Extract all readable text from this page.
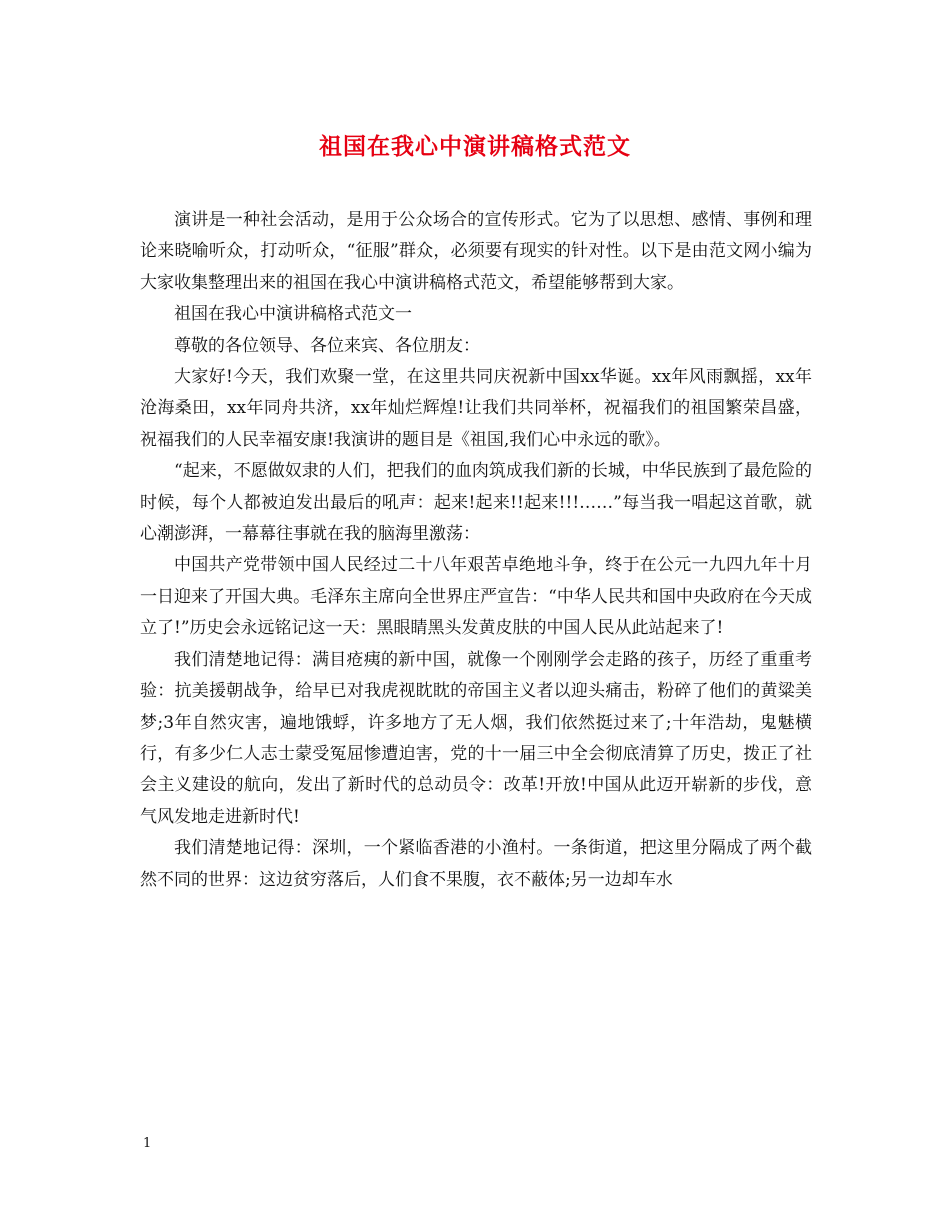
祖国在我心中演讲稿格式范文

演讲是一种社会活动，是用于公众场合的宣传形式。它为了以思想、感情、事例和理论来晓喻听众，打动听众，“征服”群众，必须要有现实的针对性。以下是由范文网小编为大家收集整理出来的祖国在我心中演讲稿格式范文，希望能够帮到大家。

祖国在我心中演讲稿格式范文一

尊敬的各位领导、各位来宾、各位朋友：

大家好!今天，我们欢聚一堂，在这里共同庆祝新中国xx华诞。xx年风雨飘摇，xx年沧海桑田，xx年同舟共济，xx年灿烂辉煌!让我们共同举杯，祝福我们的祖国繁荣昌盛，祝福我们的人民幸福安康!我演讲的题目是《祖国,我们心中永远的歌》。

“起来，不愿做奴隶的人们，把我们的血肉筑成我们新的长城，中华民族到了最危险的时候，每个人都被迫发出最后的吼声：起来!起来!!起来!!!……”每当我一唱起这首歌，就心潮澎湃，一幕幕往事就在我的脑海里激荡：

中国共产党带领中国人民经过二十八年艰苦卓绝地斗争，终于在公元一九四九年十月一日迎来了开国大典。毛泽东主席向全世界庄严宣告：“中华人民共和国中央政府在今天成立了!”历史会永远铭记这一天：黑眼睛黑头发黄皮肤的中国人民从此站起来了!

我们清楚地记得：满目疮痍的新中国，就像一个刚刚学会走路的孩子，历经了重重考验：抗美援朝战争，给早已对我虎视眈眈的帝国主义者以迎头痛击，粉碎了他们的黄粱美梦;3年自然灾害，遍地饿蜉，许多地方了无人烟，我们依然挺过来了;十年浩劫，鬼魅横行，有多少仁人志士蒙受冤屈惨遭迫害，党的十一届三中全会彻底清算了历史，拨正了社会主义建设的航向，发出了新时代的总动员令：改革!开放!中国从此迈开崭新的步伐，意气风发地走进新时代!

我们清楚地记得：深圳，一个紧临香港的小渔村。一条街道，把这里分隔成了两个截然不同的世界：这边贫穷落后，人们食不果腹，衣不蔽体;另一边却车水

1
